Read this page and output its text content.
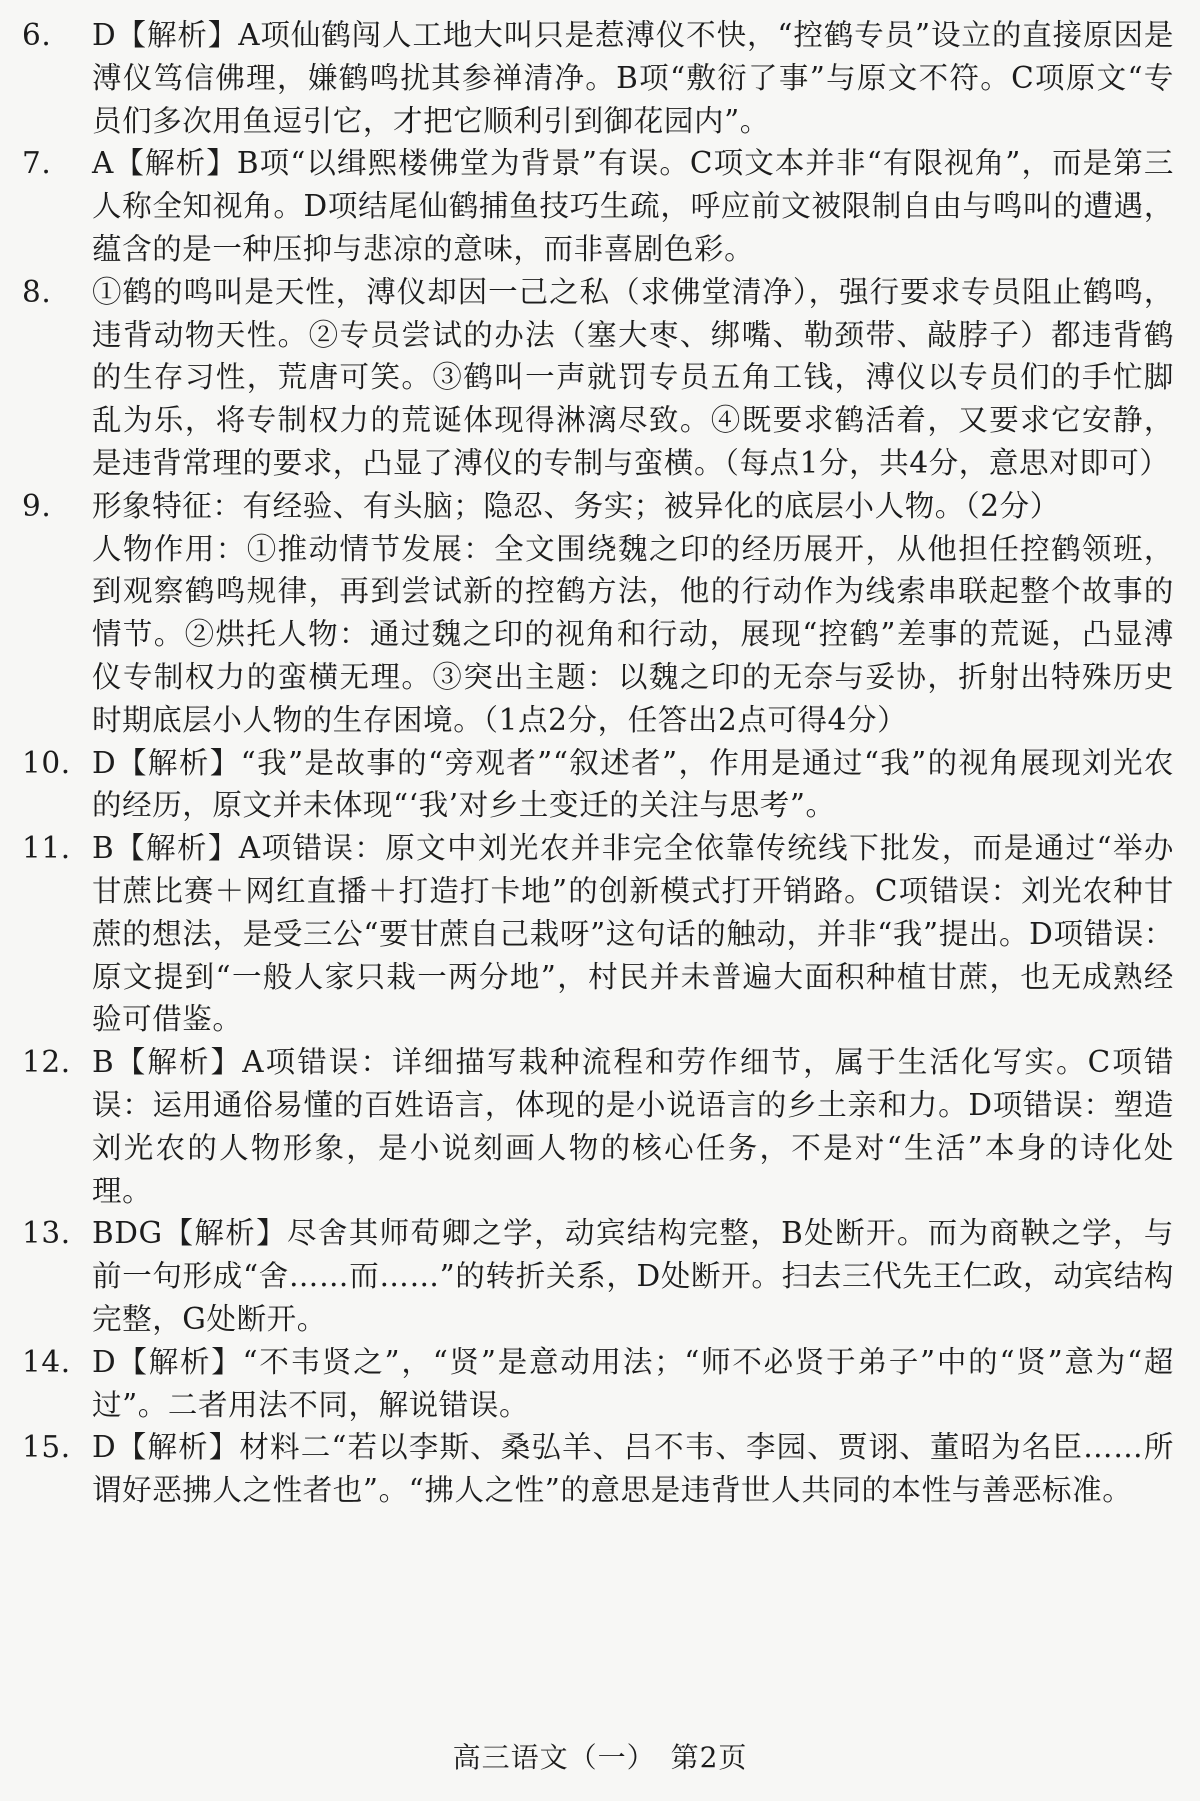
6. D【解析】A项仙鹤闯人工地大叫只是惹溥仪不快，“控鹤专员”设立的直接原因是溥仪笃信佛理，嫌鹤鸣扰其参禅清净。B项“敷衍了事”与原文不符。C项原文“专员们多次用鱼逗引它，才把它顺利引到御花园内”。

7. A【解析】B项“以缉熙楼佛堂为背景”有误。C项文本并非“有限视角”，而是第三人称全知视角。D项结尾仙鹤捕鱼技巧生疏，呼应前文被限制自由与鸣叫的遭遇，蕴含的是一种压抑与悲凉的意味，而非喜剧色彩。

8. ①鹤的鸣叫是天性，溥仪却因一己之私（求佛堂清净），强行要求专员阻止鹤鸣，违背动物天性。②专员尝试的办法（塞大枣、绑嘴、勒颈带、敲脖子）都违背鹤的生存习性，荒唐可笑。③鹤叫一声就罚专员五角工钱，溥仪以专员们的手忙脚乱为乐，将专制权力的荒诞体现得淋漓尽致。④既要求鹤活着，又要求它安静，是违背常理的要求，凸显了溥仪的专制与蛮横。（每点1分，共4分，意思对即可）

9. 形象特征：有经验、有头脑；隐忍、务实；被异化的底层小人物。（2分）

人物作用：①推动情节发展：全文围绕魏之印的经历展开，从他担任控鹤领班，到观察鹤鸣规律，再到尝试新的控鹤方法，他的行动作为线索串联起整个故事的情节。②烘托人物：通过魏之印的视角和行动，展现“控鹤”差事的荒诞，凸显溥仪专制权力的蛮横无理。③突出主题：以魏之印的无奈与妥协，折射出特殊历史时期底层小人物的生存困境。（1点2分，任答出2点可得4分）

10. D【解析】“我”是故事的“旁观者”“叙述者”，作用是通过“我”的视角展现刘光农的经历，原文并未体现“‘我’对乡土变迁的关注与思考”。

11. B【解析】A项错误：原文中刘光农并非完全依靠传统线下批发，而是通过“举办甘蔗比赛＋网红直播＋打造打卡地”的创新模式打开销路。C项错误：刘光农种甘蔗的想法，是受三公“要甘蔗自己栽呀”这句话的触动，并非“我”提出。D项错误：原文提到“一般人家只栽一两分地”，村民并未普遍大面积种植甘蔗，也无成熟经验可借鉴。

12. B【解析】A项错误：详细描写栽种流程和劳作细节，属于生活化写实。C项错误：运用通俗易懂的百姓语言，体现的是小说语言的乡土亲和力。D项错误：塑造刘光农的人物形象，是小说刻画人物的核心任务，不是对“生活”本身的诗化处理。

13. BDG【解析】尽舍其师荀卿之学，动宾结构完整，B处断开。而为商鞅之学，与前一句形成“舍……而……”的转折关系，D处断开。扫去三代先王仁政，动宾结构完整，G处断开。

14. D【解析】“不韦贤之”，“贤”是意动用法；“师不必贤于弟子”中的“贤”意为“超过”。二者用法不同，解说错误。

15. D【解析】材料二“若以李斯、桑弘羊、吕不韦、李园、贾诩、董昭为名臣……所谓好恶拂人之性者也”。“拂人之性”的意思是违背世人共同的本性与善恶标准。

高三语文（一）　第2页
